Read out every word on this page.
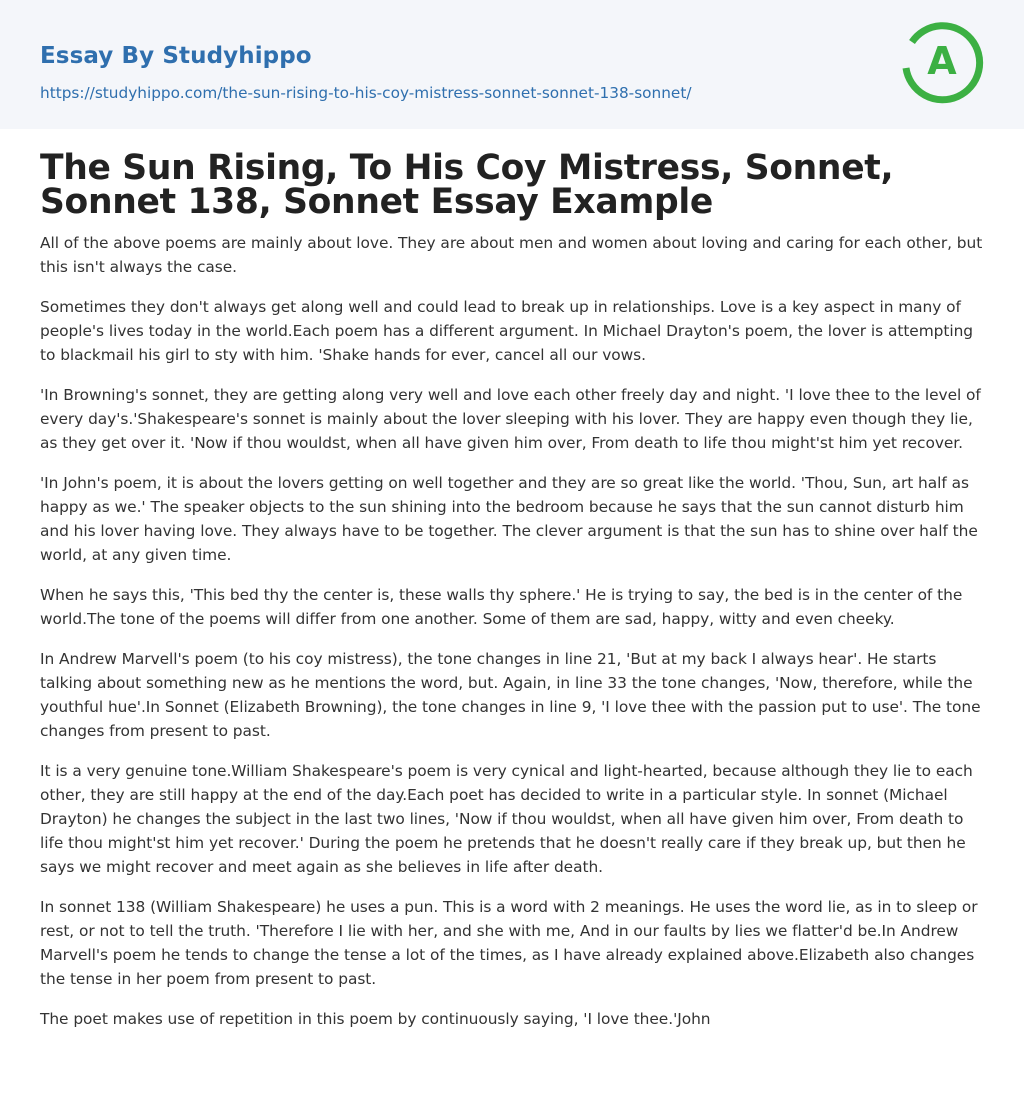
Essay By Studyhippo
https://studyhippo.com/the-sun-rising-to-his-coy-mistress-sonnet-sonnet-138-sonnet/
A
The Sun Rising, To His Coy Mistress, Sonnet, Sonnet 138, Sonnet Essay Example

All of the above poems are mainly about love. They are about men and women about loving and caring for each other, but this isn't always the case.

Sometimes they don't always get along well and could lead to break up in relationships. Love is a key aspect in many of people's lives today in the world.Each poem has a different argument. In Michael Drayton's poem, the lover is attempting to blackmail his girl to sty with him. 'Shake hands for ever, cancel all our vows.

'In Browning's sonnet, they are getting along very well and love each other freely day and night. 'I love thee to the level of every day's.'Shakespeare's sonnet is mainly about the lover sleeping with his lover. They are happy even though they lie, as they get over it. 'Now if thou wouldst, when all have given him over, From death to life thou might'st him yet recover.

'In John's poem, it is about the lovers getting on well together and they are so great like the world. 'Thou, Sun, art half as happy as we.' The speaker objects to the sun shining into the bedroom because he says that the sun cannot disturb him and his lover having love. They always have to be together. The clever argument is that the sun has to shine over half the world, at any given time.

When he says this, 'This bed thy the center is, these walls thy sphere.' He is trying to say, the bed is in the center of the world.The tone of the poems will differ from one another. Some of them are sad, happy, witty and even cheeky.

In Andrew Marvell's poem (to his coy mistress), the tone changes in line 21, 'But at my back I always hear'. He starts talking about something new as he mentions the word, but. Again, in line 33 the tone changes, 'Now, therefore, while the youthful hue'.In Sonnet (Elizabeth Browning), the tone changes in line 9, 'I love thee with the passion put to use'. The tone changes from present to past.

It is a very genuine tone.William Shakespeare's poem is very cynical and light-hearted, because although they lie to each other, they are still happy at the end of the day.Each poet has decided to write in a particular style. In sonnet (Michael Drayton) he changes the subject in the last two lines, 'Now if thou wouldst, when all have given him over, From death to life thou might'st him yet recover.' During the poem he pretends that he doesn't really care if they break up, but then he says we might recover and meet again as she believes in life after death.

In sonnet 138 (William Shakespeare) he uses a pun. This is a word with 2 meanings. He uses the word lie, as in to sleep or rest, or not to tell the truth. 'Therefore I lie with her, and she with me, And in our faults by lies we flatter'd be.In Andrew Marvell's poem he tends to change the tense a lot of the times, as I have already explained above.Elizabeth also changes the tense in her poem from present to past.

The poet makes use of repetition in this poem by continuously saying, 'I love thee.'John
